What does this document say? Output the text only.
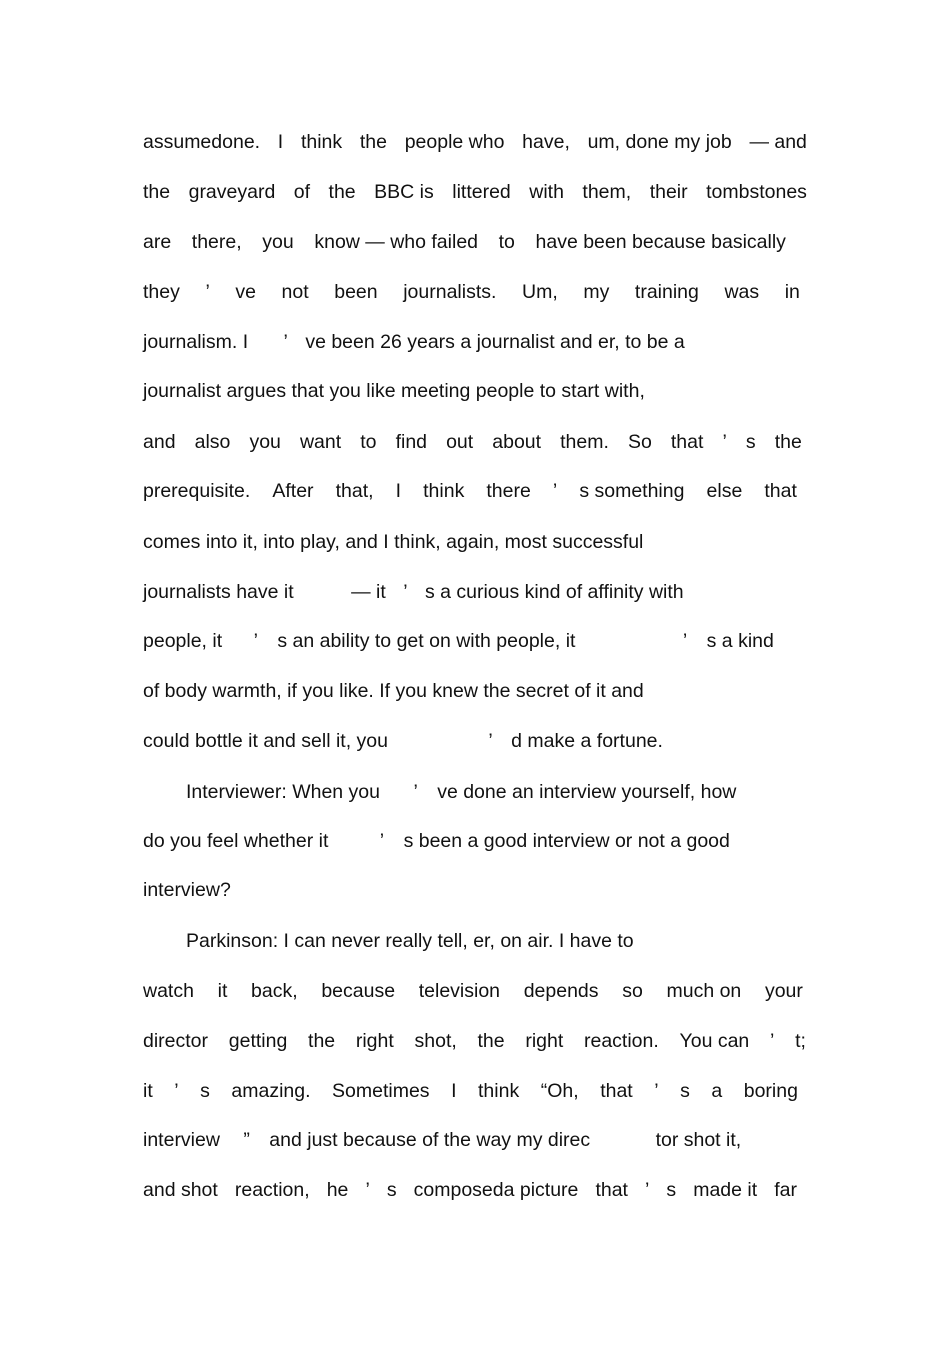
assumedone. I think the people who have, um, done my job — and
the graveyard of the BBC is littered with them, their tombstones
are there, you know — who failed to have been because basically
they ’ ve not been journalists. Um, my training was in
journalism. I ’ ve been 26 years a journalist and er, to be a
journalist argues that you like meeting people to start with,
and also you want to find out about them. So that ’ s the
prerequisite. After that, I think there ’ s something else that
comes into it, into play, and I think, again, most successful
journalists have it	— it ’ s a curious kind of affinity with
people, it ’ s an ability to get on with people, it	’ s a kind
of body warmth, if you like. If you knew the secret of it and
could bottle it and sell it, you	’ d make a fortune.
Interviewer: When you ’ ve done an interview yourself, how
do you feel whether it	’ s been a good interview or not a good
interview?
Parkinson: I can never really tell, er, on air. I have to
watch it back, because television depends so much on your
director getting the right shot, the right reaction. You can ’ t;
it ’ s amazing. Sometimes I think “Oh, that ’ s a boring
interview ” and just because of the way my direc	tor shot it,
and shot reaction, he ’ s composeda picture that ’ s made it far
